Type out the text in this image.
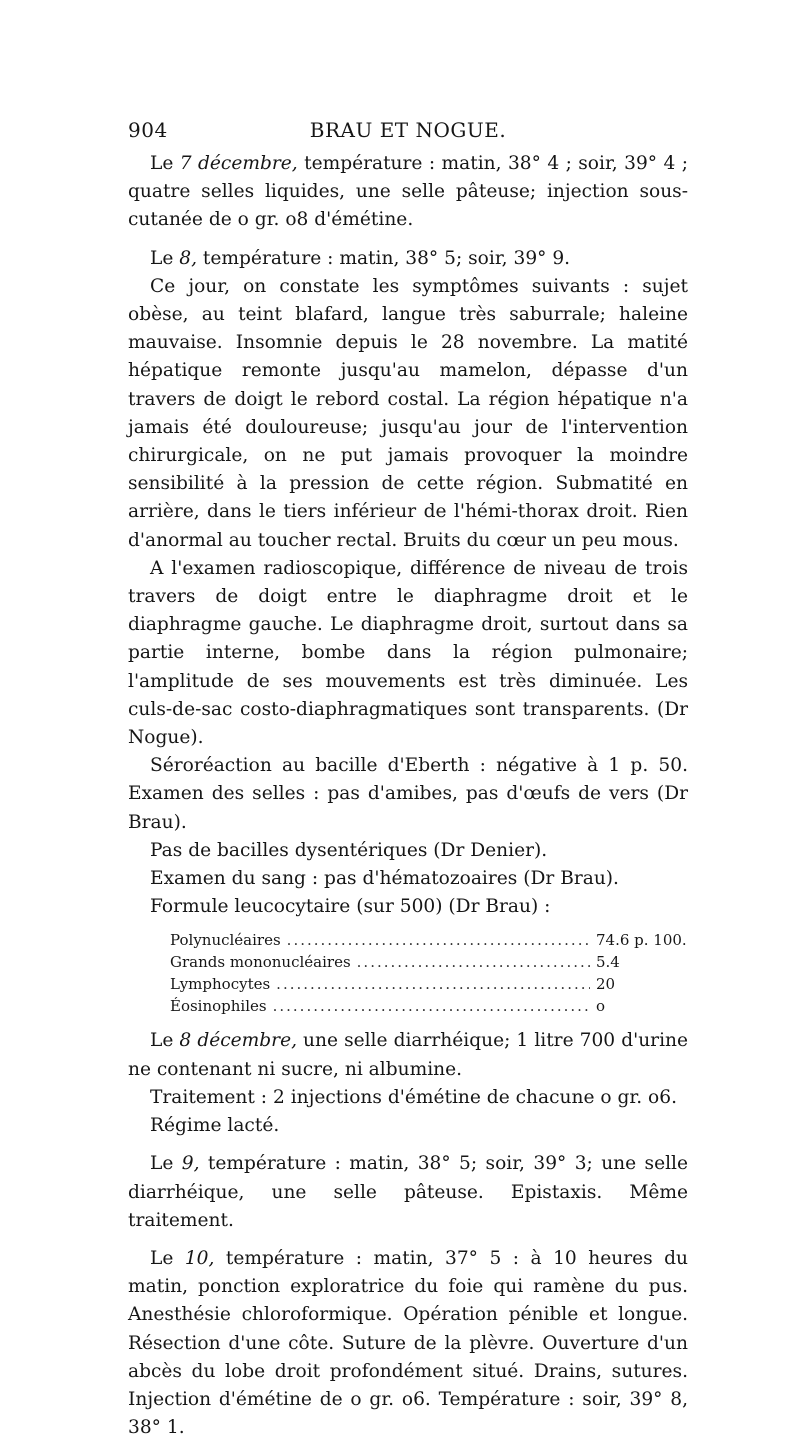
904	BRAU ET NOGUE.

Le 7 décembre, température : matin, 38° 4 ; soir, 39° 4 ; quatre selles liquides, une selle pâteuse; injection sous-cutanée de o gr. o8 d'émétine.

Le 8, température : matin, 38° 5; soir, 39° 9.

Ce jour, on constate les symptômes suivants : sujet obèse, au teint blafard, langue très saburrale; haleine mauvaise. Insomnie depuis le 28 novembre. La matité hépatique remonte jusqu'au mamelon, dépasse d'un travers de doigt le rebord costal. La région hépatique n'a jamais été douloureuse; jusqu'au jour de l'intervention chirurgicale, on ne put jamais provoquer la moindre sensibilité à la pression de cette région. Submatité en arrière, dans le tiers inférieur de l'hémi-thorax droit. Rien d'anormal au toucher rectal. Bruits du cœur un peu mous.

A l'examen radioscopique, différence de niveau de trois travers de doigt entre le diaphragme droit et le diaphragme gauche. Le diaphragme droit, surtout dans sa partie interne, bombe dans la région pulmonaire; l'amplitude de ses mouvements est très diminuée. Les culs-de-sac costo-diaphragmatiques sont transparents. (Dr Nogue).

Séroréaction au bacille d'Eberth : négative à 1 p. 50. Examen des selles : pas d'amibes, pas d'œufs de vers (Dr Brau).

Pas de bacilles dysentériques (Dr Denier).

Examen du sang : pas d'hématozoaires (Dr Brau).

Formule leucocytaire (sur 500) (Dr Brau) :

Polynucléaires .....	74.6 p. 100.
Grands mononucléaires .....	5.4
Lymphocytes .....	20
Éosinophiles .....	o

Le 8 décembre, une selle diarrhéique; 1 litre 700 d'urine ne contenant ni sucre, ni albumine.

Traitement : 2 injections d'émétine de chacune o gr. o6.

Régime lacté.

Le 9, température : matin, 38° 5; soir, 39° 3; une selle diarrhéique, une selle pâteuse. Epistaxis. Même traitement.

Le 10, température : matin, 37° 5 : à 10 heures du matin, ponction exploratrice du foie qui ramène du pus. Anesthésie chloroformique. Opération pénible et longue. Résection d'une côte. Suture de la plèvre. Ouverture d'un abcès du lobe droit profondément situé. Drains, sutures. Injection d'émétine de o gr. o6. Température : soir, 39° 8, 38° 1.
